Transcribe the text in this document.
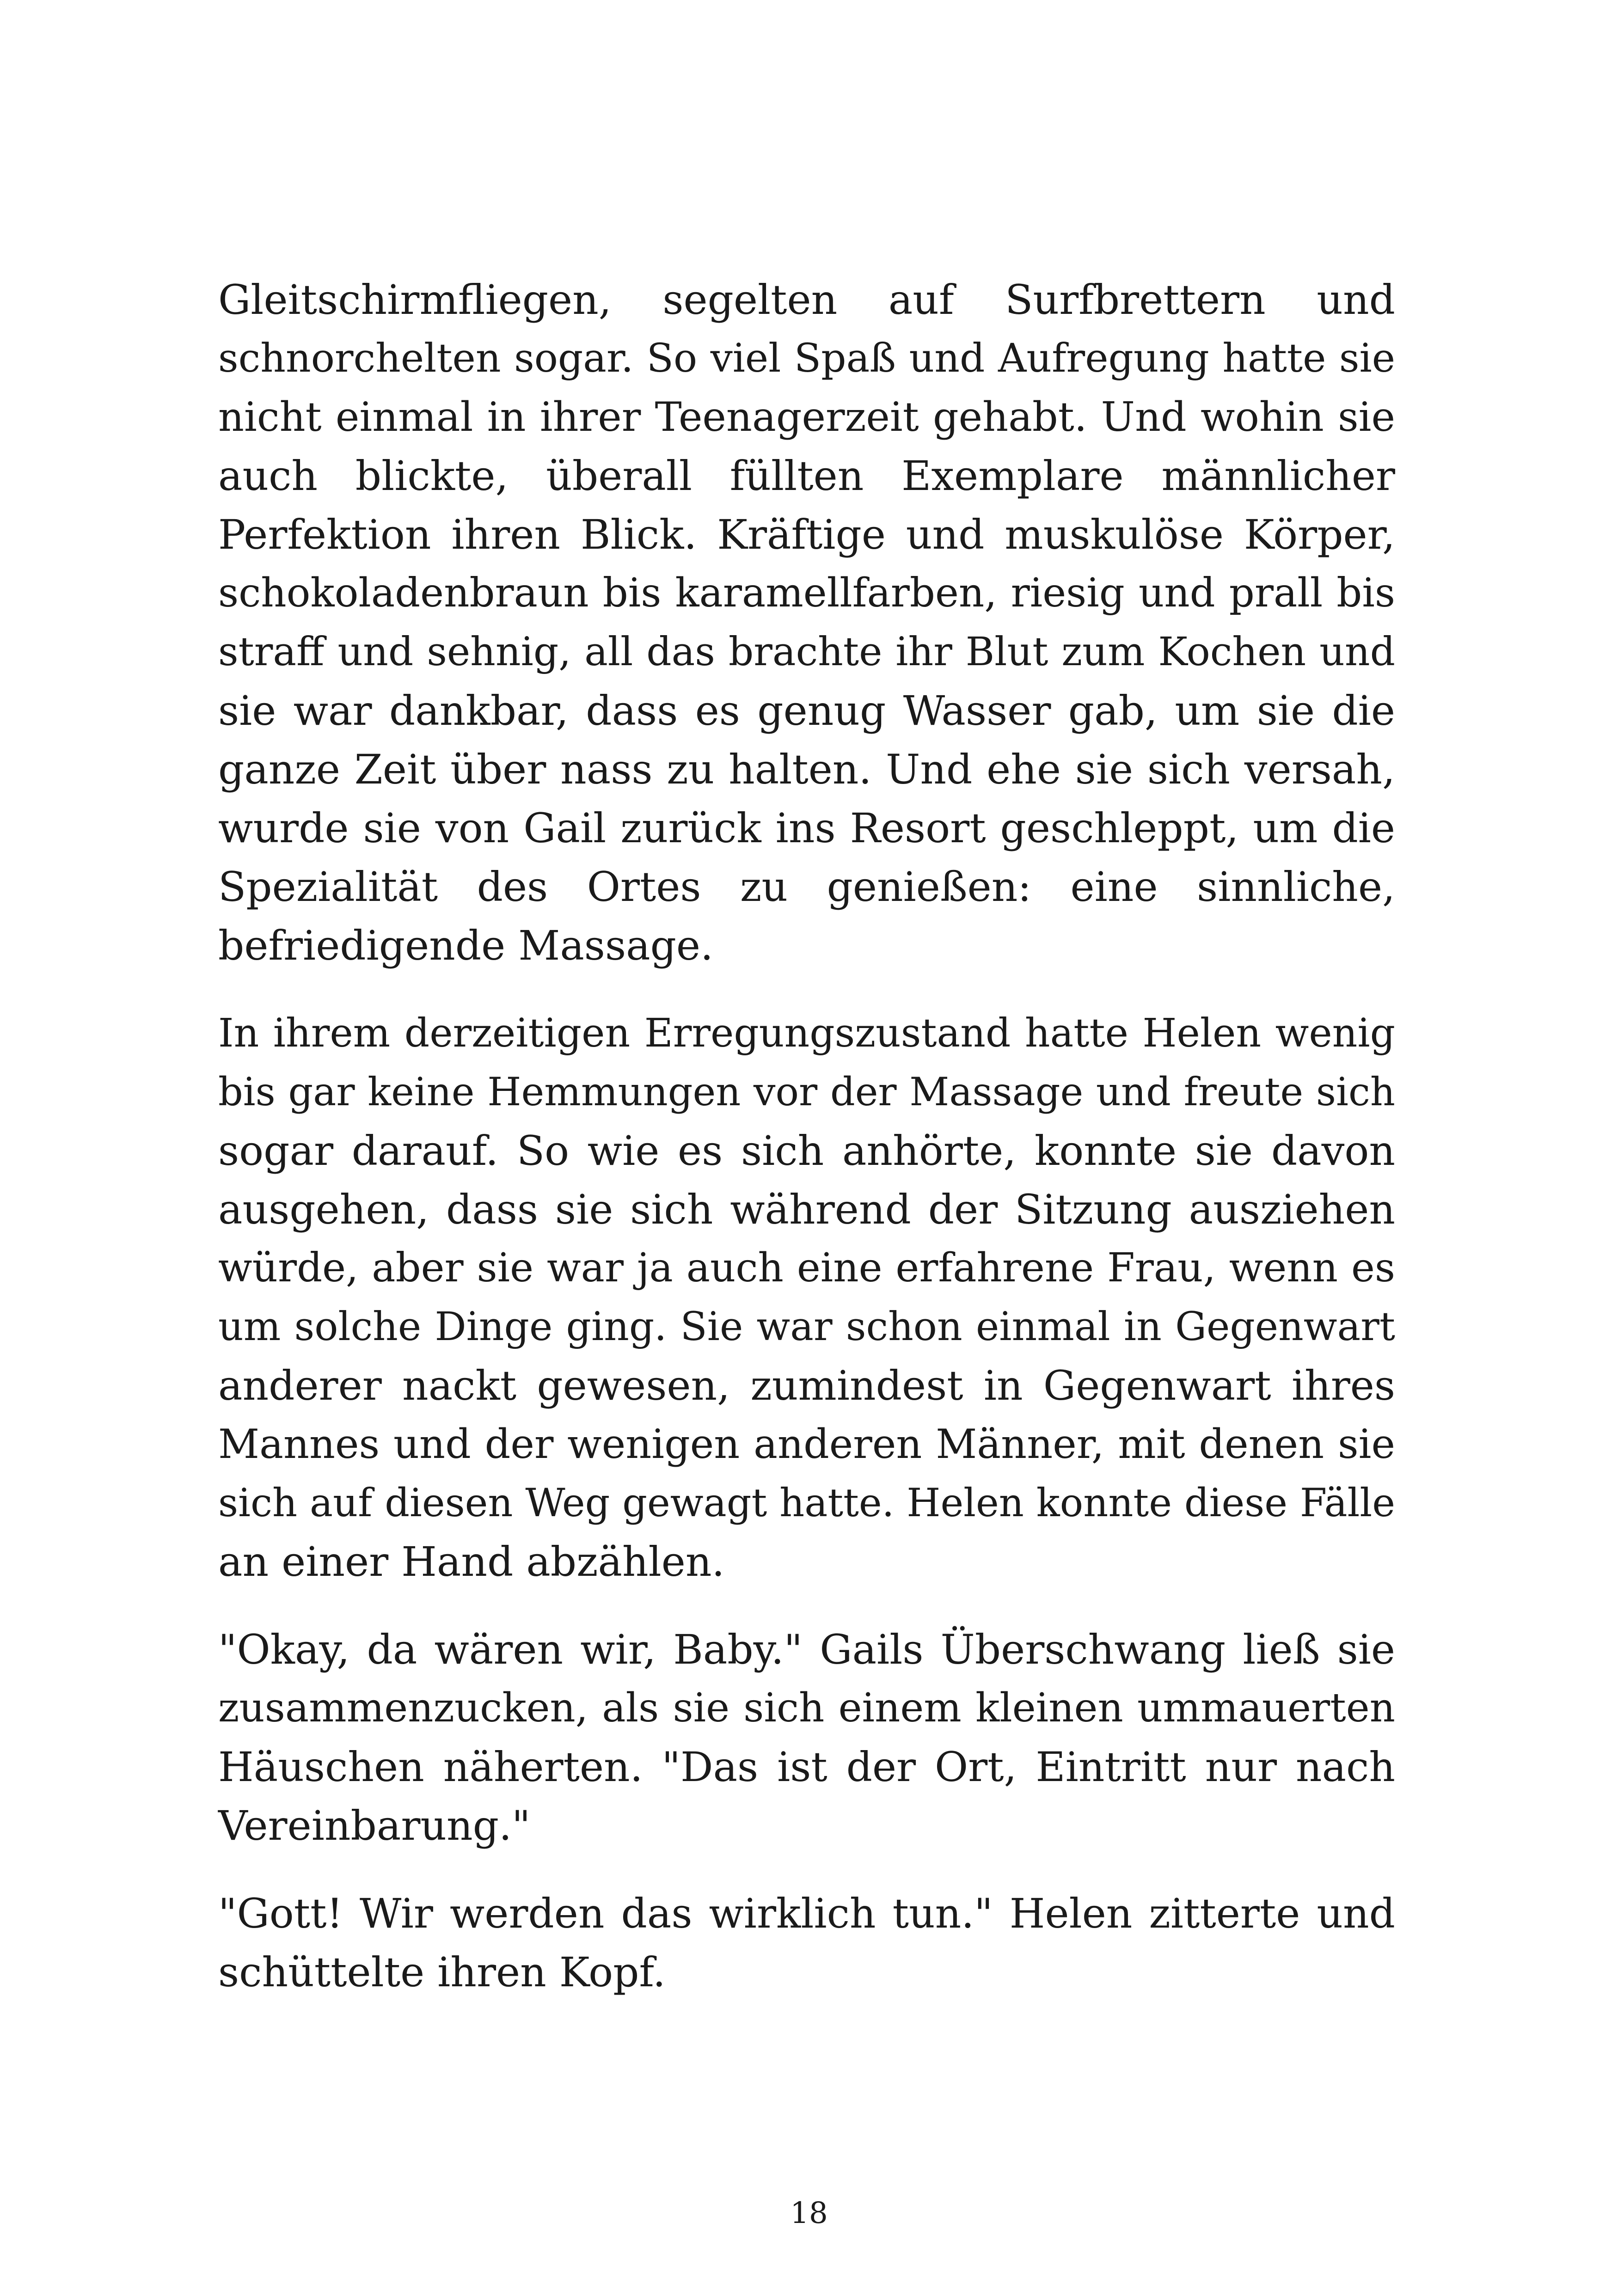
Gleitschirmfliegen, segelten auf Surfbrettern und
schnorchelten sogar. So viel Spaß und Aufregung hatte sie
nicht einmal in ihrer Teenagerzeit gehabt. Und wohin sie
auch blickte, überall füllten Exemplare männlicher
Perfektion ihren Blick. Kräftige und muskulöse Körper,
schokoladenbraun bis karamellfarben, riesig und prall bis
straff und sehnig, all das brachte ihr Blut zum Kochen und
sie war dankbar, dass es genug Wasser gab, um sie die
ganze Zeit über nass zu halten. Und ehe sie sich versah,
wurde sie von Gail zurück ins Resort geschleppt, um die
Spezialität des Ortes zu genießen: eine sinnliche,
befriedigende Massage.

In ihrem derzeitigen Erregungszustand hatte Helen wenig
bis gar keine Hemmungen vor der Massage und freute sich
sogar darauf. So wie es sich anhörte, konnte sie davon
ausgehen, dass sie sich während der Sitzung ausziehen
würde, aber sie war ja auch eine erfahrene Frau, wenn es
um solche Dinge ging. Sie war schon einmal in Gegenwart
anderer nackt gewesen, zumindest in Gegenwart ihres
Mannes und der wenigen anderen Männer, mit denen sie
sich auf diesen Weg gewagt hatte. Helen konnte diese Fälle
an einer Hand abzählen.

"Okay, da wären wir, Baby." Gails Überschwang ließ sie
zusammenzucken, als sie sich einem kleinen ummauerten
Häuschen näherten. "Das ist der Ort, Eintritt nur nach
Vereinbarung."

"Gott! Wir werden das wirklich tun." Helen zitterte und
schüttelte ihren Kopf.

18
